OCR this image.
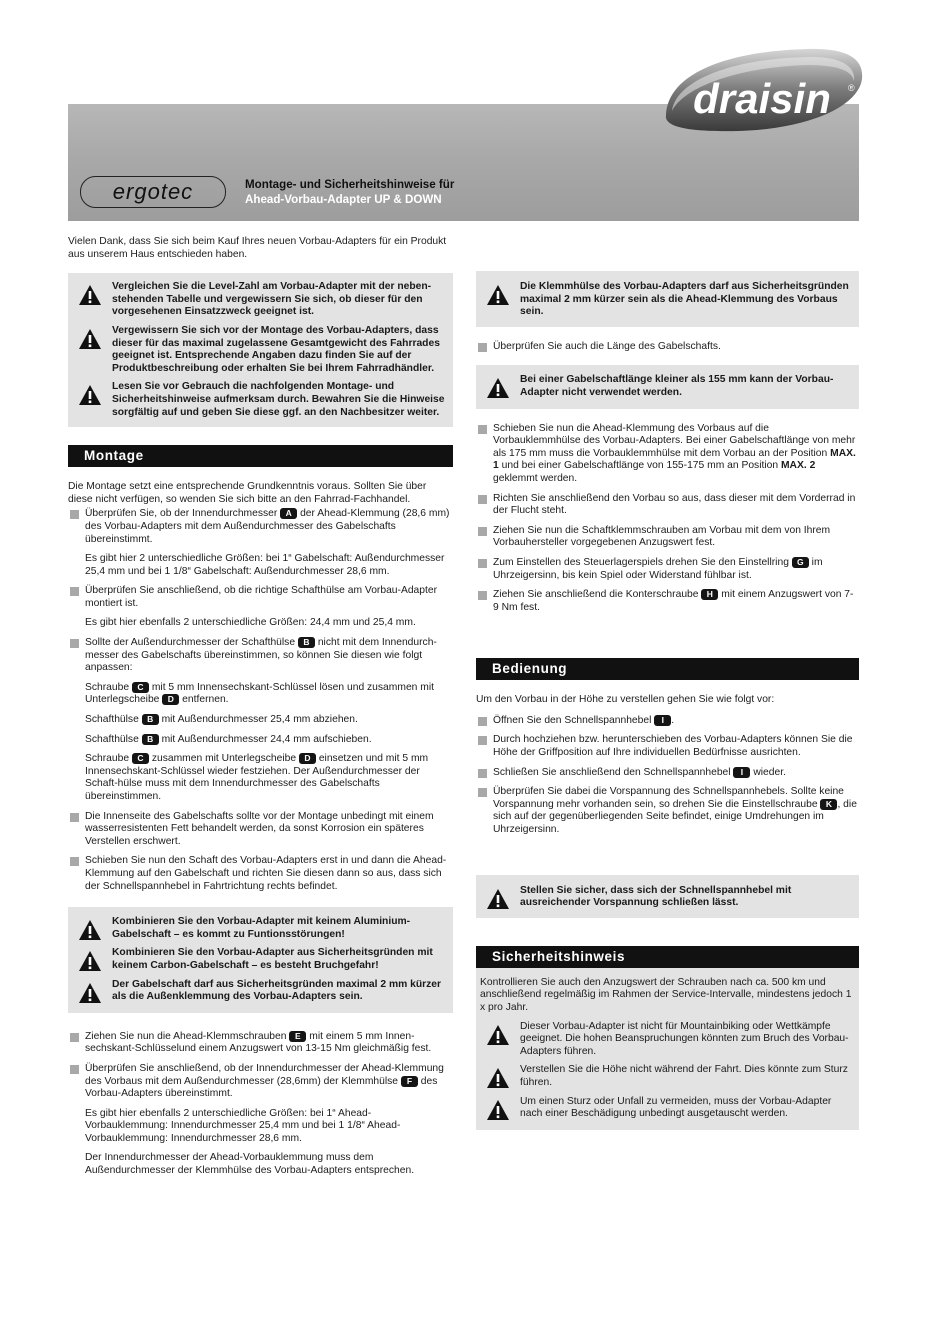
draisin ®
ergotec	Montage- und Sicherheitshinweise für
Ahead-Vorbau-Adapter UP & DOWN

Vielen Dank, dass Sie sich beim Kauf Ihres neuen Vorbau-Adapters für ein Produkt aus unserem Haus entschieden haben.

Vergleichen Sie die Level-Zahl am Vorbau-Adapter mit der neben-stehenden Tabelle und vergewissern Sie sich, ob dieser für den vorgesehenen Einsatzzweck geeignet ist.
Vergewissern Sie sich vor der Montage des Vorbau-Adapters, dass dieser für das maximal zugelassene Gesamtgewicht des Fahrrades geeignet ist. Entsprechende Angaben dazu finden Sie auf der Produktbeschreibung oder erhalten Sie bei Ihrem Fahrradhändler.
Lesen Sie vor Gebrauch die nachfolgenden Montage- und Sicherheitshinweise aufmerksam durch. Bewahren Sie die Hinweise sorgfältig auf und geben Sie diese ggf. an den Nachbesitzer weiter.
Montage

Die Montage setzt eine entsprechende Grundkenntnis voraus. Sollten Sie über diese nicht verfügen, so wenden Sie sich bitte an den Fahrrad-Fachhandel.

Überprüfen Sie, ob der Innendurchmesser A der Ahead-Klemmung (28,6 mm) des Vorbau-Adapters mit dem Außendurchmesser des Gabelschafts übereinstimmt.
Es gibt hier 2 unterschiedliche Größen: bei 1“ Gabelschaft: Außendurchmesser 25,4 mm und bei 1 1/8“ Gabelschaft: Außendurchmesser 28,6 mm.
Überprüfen Sie anschließend, ob die richtige Schafthülse am Vorbau-Adapter montiert ist.
Es gibt hier ebenfalls 2 unterschiedliche Größen: 24,4 mm und 25,4 mm.
Sollte der Außendurchmesser der Schafthülse B nicht mit dem Innendurch-messer des Gabelschafts übereinstimmen, so können Sie diesen wie folgt anpassen:
Schraube C mit 5 mm Innensechskant-Schlüssel lösen und zusammen mit Unterlegscheibe D entfernen.
Schafthülse B mit Außendurchmesser 25,4 mm abziehen.
Schafthülse B mit Außendurchmesser 24,4 mm aufschieben.
Schraube C zusammen mit Unterlegscheibe D einsetzen und mit 5 mm Innensechskant-Schlüssel wieder festziehen. Der Außendurchmesser der Schaft-hülse muss mit dem Innendurchmesser des Gabelschafts übereinstimmen.
Die Innenseite des Gabelschafts sollte vor der Montage unbedingt mit einem wasserresistenten Fett behandelt werden, da sonst Korrosion ein späteres Verstellen erschwert.
Schieben Sie nun den Schaft des Vorbau-Adapters erst in und dann die Ahead-Klemmung auf den Gabelschaft und richten Sie diesen dann so aus, dass sich der Schnellspannhebel in Fahrtrichtung rechts befindet.
Kombinieren Sie den Vorbau-Adapter mit keinem Aluminium-Gabelschaft – es kommt zu Funtionsstörungen!
Kombinieren Sie den Vorbau-Adapter aus Sicherheitsgründen mit keinem Carbon-Gabelschaft – es besteht Bruchgefahr!
Der Gabelschaft darf aus Sicherheitsgründen maximal 2 mm kürzer als die Außenklemmung des Vorbau-Adapters sein.
Ziehen Sie nun die Ahead-Klemmschrauben E mit einem 5 mm Innen-sechskant-Schlüsselund einem Anzugswert von 13-15 Nm gleichmäßig fest.
Überprüfen Sie anschließend, ob der Innendurchmesser der Ahead-Klemmung des Vorbaus mit dem Außendurchmesser (28,6mm) der Klemmhülse F des Vorbau-Adapters übereinstimmt.
Es gibt hier ebenfalls 2 unterschiedliche Größen: bei 1“ Ahead-Vorbauklemmung: Innendurchmesser 25,4 mm und bei 1 1/8“ Ahead-Vorbauklemmung: Innendurchmesser 28,6 mm.
Der Innendurchmesser der Ahead-Vorbauklemmung muss dem Außendurchmesser der Klemmhülse des Vorbau-Adapters entsprechen.
Die Klemmhülse des Vorbau-Adapters darf aus Sicherheitsgründen maximal 2 mm kürzer sein als die Ahead-Klemmung des Vorbaus sein.
Überprüfen Sie auch die Länge des Gabelschafts.
Bei einer Gabelschaftlänge kleiner als 155 mm kann der Vorbau-Adapter nicht verwendet werden.
Schieben Sie nun die Ahead-Klemmung des Vorbaus auf die Vorbauklemmhülse des Vorbau-Adapters. Bei einer Gabelschaftlänge von mehr als 175 mm muss die Vorbauklemmhülse mit dem Vorbau an der Position MAX. 1 und bei einer Gabelschaftlänge von 155-175 mm an Position MAX. 2 geklemmt werden.
Richten Sie anschließend den Vorbau so aus, dass dieser mit dem Vorderrad in der Flucht steht.
Ziehen Sie nun die Schaftklemmschrauben am Vorbau mit dem von Ihrem Vorbauhersteller vorgegebenen Anzugswert fest.
Zum Einstellen des Steuerlagerspiels drehen Sie den Einstellring G im Uhrzeigersinn, bis kein Spiel oder Widerstand fühlbar ist.
Ziehen Sie anschließend die Konterschraube H mit einem Anzugswert von 7-9 Nm fest.
Bedienung

Um den Vorbau in der Höhe zu verstellen gehen Sie wie folgt vor:

Öffnen Sie den Schnellspannhebel I .
Durch hochziehen bzw. herunterschieben des Vorbau-Adapters können Sie die Höhe der Griffposition auf Ihre individuellen Bedürfnisse ausrichten.
Schließen Sie anschließend den Schnellspannhebel I wieder.
Überprüfen Sie dabei die Vorspannung des Schnellspannhebels. Sollte keine Vorspannung mehr vorhanden sein, so drehen Sie die Einstellschraube K , die sich auf der gegenüberliegenden Seite befindet, einige Umdrehungen im Uhrzeigersinn.
Stellen Sie sicher, dass sich der Schnellspannhebel mit ausreichender Vorspannung schließen lässt.
Sicherheitshinweis

Kontrollieren Sie auch den Anzugswert der Schrauben nach ca. 500 km und anschließend regelmäßig im Rahmen der Service-Intervalle, mindestens jedoch 1 x pro Jahr.

Dieser Vorbau-Adapter ist nicht für Mountainbiking oder Wettkämpfe geeignet. Die hohen Beanspruchungen könnten zum Bruch des Vorbau-Adapters führen.
Verstellen Sie die Höhe nicht während der Fahrt. Dies könnte zum Sturz führen.
Um einen Sturz oder Unfall zu vermeiden, muss der Vorbau-Adapter nach einer Beschädigung unbedingt ausgetauscht werden.
